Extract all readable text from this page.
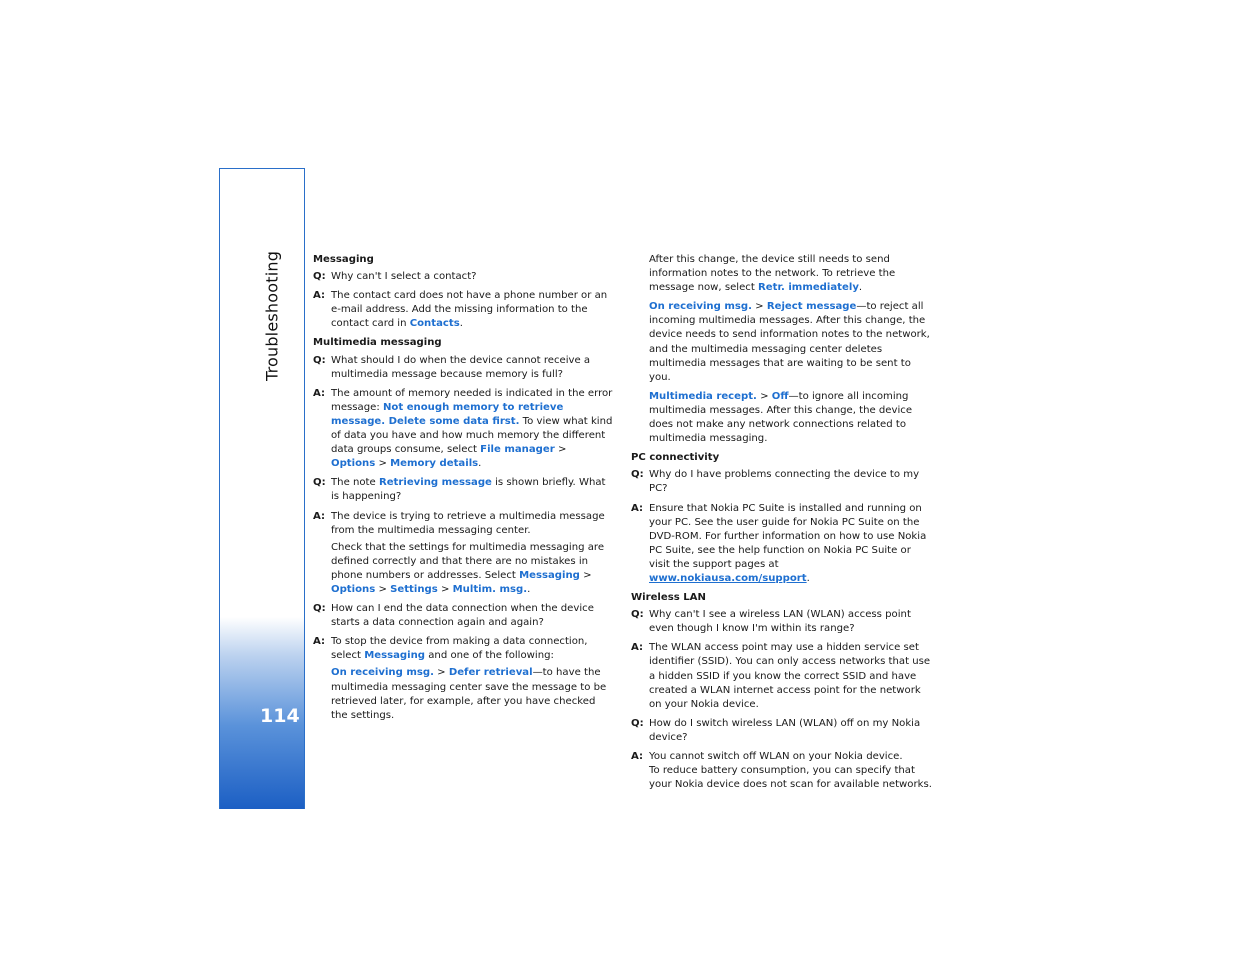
Troubleshooting
114
Messaging
Q: Why can't I select a contact?

A: The contact card does not have a phone number or an e-mail address. Add the missing information to the contact card in Contacts.

Multimedia messaging
Q: What should I do when the device cannot receive a multimedia message because memory is full?

A: The amount of memory needed is indicated in the error message: Not enough memory to retrieve message. Delete some data first. To view what kind of data you have and how much memory the different data groups consume, select File manager > Options > Memory details.

Q: The note Retrieving message is shown briefly. What is happening?

A: The device is trying to retrieve a multimedia message from the multimedia messaging center.

Check that the settings for multimedia messaging are defined correctly and that there are no mistakes in phone numbers or addresses. Select Messaging > Options > Settings > Multim. msg..

Q: How can I end the data connection when the device starts a data connection again and again?

A: To stop the device from making a data connection, select Messaging and one of the following:

On receiving msg. > Defer retrieval—to have the multimedia messaging center save the message to be retrieved later, for example, after you have checked the settings.

After this change, the device still needs to send information notes to the network. To retrieve the message now, select Retr. immediately.

On receiving msg. > Reject message—to reject all incoming multimedia messages. After this change, the device needs to send information notes to the network, and the multimedia messaging center deletes multimedia messages that are waiting to be sent to you.

Multimedia recept. > Off—to ignore all incoming multimedia messages. After this change, the device does not make any network connections related to multimedia messaging.

PC connectivity
Q: Why do I have problems connecting the device to my PC?

A: Ensure that Nokia PC Suite is installed and running on your PC. See the user guide for Nokia PC Suite on the DVD-ROM. For further information on how to use Nokia PC Suite, see the help function on Nokia PC Suite or visit the support pages at www.nokiausa.com/support.

Wireless LAN
Q: Why can't I see a wireless LAN (WLAN) access point even though I know I'm within its range?

A: The WLAN access point may use a hidden service set identifier (SSID). You can only access networks that use a hidden SSID if you know the correct SSID and have created a WLAN internet access point for the network on your Nokia device.

Q: How do I switch wireless LAN (WLAN) off on my Nokia device?

A: You cannot switch off WLAN on your Nokia device.
To reduce battery consumption, you can specify that your Nokia device does not scan for available networks.
